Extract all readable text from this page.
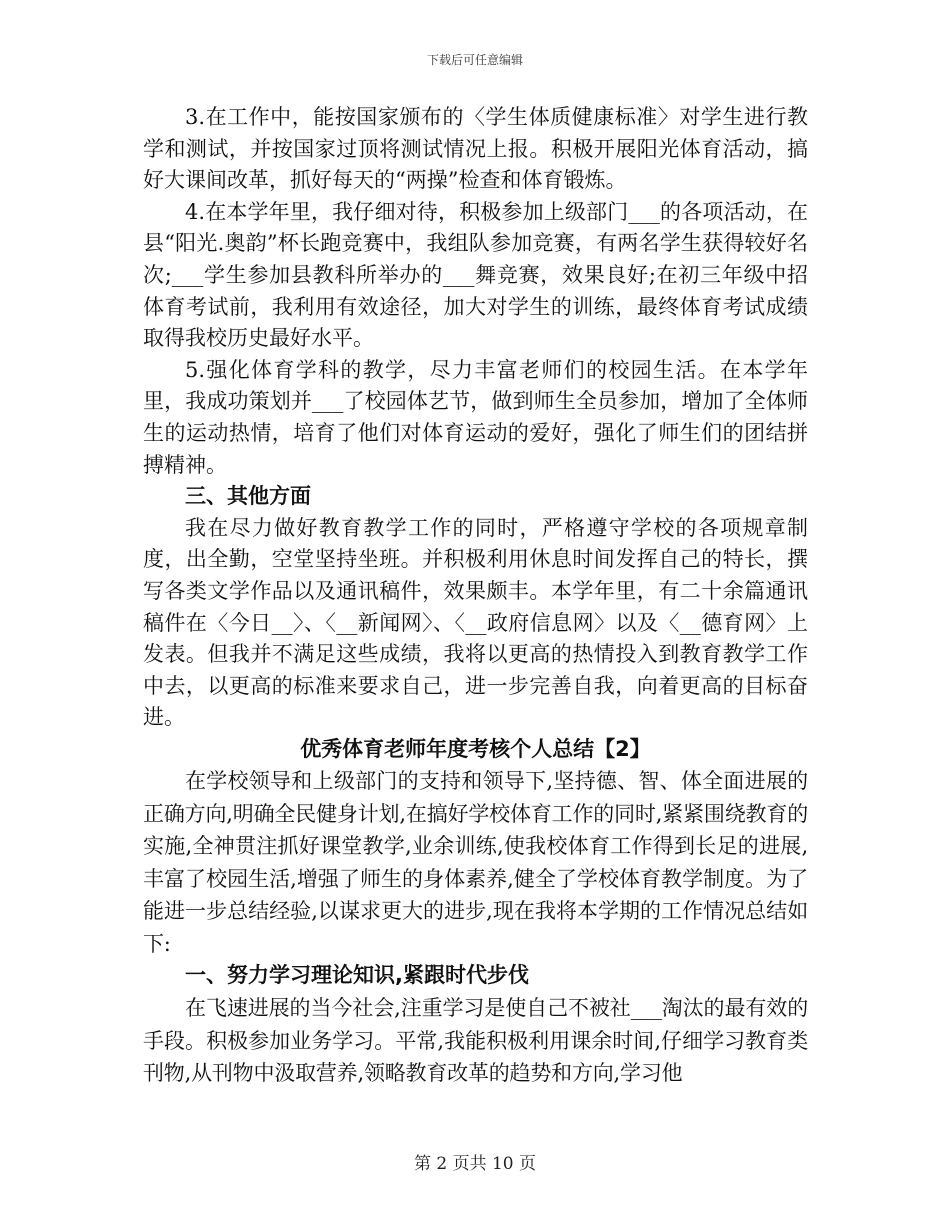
下载后可任意编辑

3.在工作中，能按国家颁布的〈学生体质健康标准〉对学生进行教学和测试，并按国家过顶将测试情况上报。积极开展阳光体育活动，搞好大课间改革，抓好每天的“两操”检查和体育锻炼。

4.在本学年里，我仔细对待，积极参加上级部门___的各项活动，在县“阳光.奥韵”杯长跑竞赛中，我组队参加竞赛，有两名学生获得较好名次;___学生参加县教科所举办的___舞竞赛，效果良好;在初三年级中招体育考试前，我利用有效途径，加大对学生的训练，最终体育考试成绩取得我校历史最好水平。

5.强化体育学科的教学，尽力丰富老师们的校园生活。在本学年里，我成功策划并___了校园体艺节，做到师生全员参加，增加了全体师生的运动热情，培育了他们对体育运动的爱好，强化了师生们的团结拼搏精神。

三、其他方面

我在尽力做好教育教学工作的同时，严格遵守学校的各项规章制度，出全勤，空堂坚持坐班。并积极利用休息时间发挥自己的特长，撰写各类文学作品以及通讯稿件，效果颇丰。本学年里，有二十余篇通讯稿件在〈今日__〉、〈__新闻网〉、〈__政府信息网〉以及〈__德育网〉上发表。但我并不满足这些成绩，我将以更高的热情投入到教育教学工作中去，以更高的标准来要求自己，进一步完善自我，向着更高的目标奋进。

优秀体育老师年度考核个人总结【2】

在学校领导和上级部门的支持和领导下,坚持德、智、体全面进展的正确方向,明确全民健身计划,在搞好学校体育工作的同时,紧紧围绕教育的实施,全神贯注抓好课堂教学,业余训练,使我校体育工作得到长足的进展,丰富了校园生活,增强了师生的身体素养,健全了学校体育教学制度。为了能进一步总结经验,以谋求更大的进步,现在我将本学期的工作情况总结如下:

一、努力学习理论知识,紧跟时代步伐

在飞速进展的当今社会,注重学习是使自己不被社___淘汰的最有效的手段。积极参加业务学习。平常,我能积极利用课余时间,仔细学习教育类刊物,从刊物中汲取营养,领略教育改革的趋势和方向,学习他

第 2 页共 10 页
